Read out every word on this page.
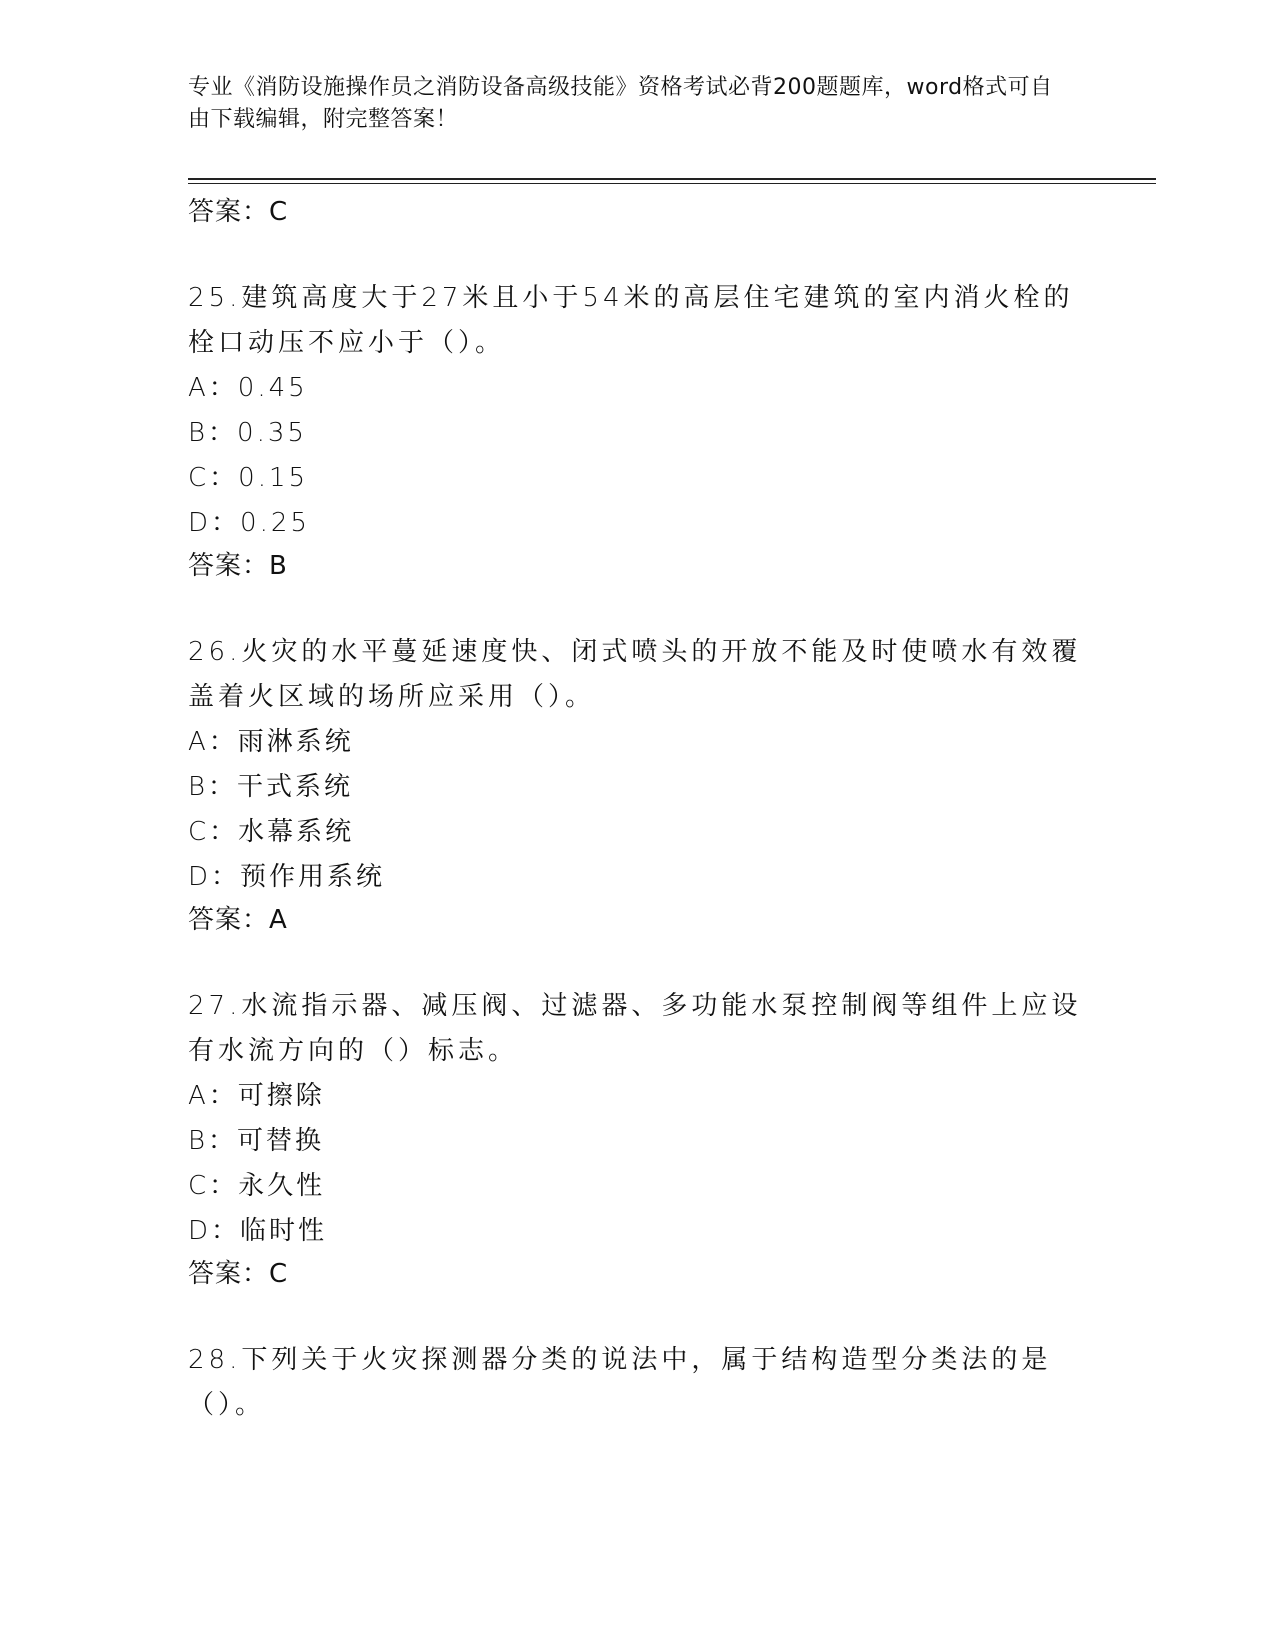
专业《消防设施操作员之消防设备高级技能》资格考试必背200题题库，word格式可自由下载编辑，附完整答案！

答案：C

25.建筑高度大于27米且小于54米的高层住宅建筑的室内消火栓的栓口动压不应小于（）。

A：0.45

B：0.35

C：0.15

D：0.25

答案：B

26.火灾的水平蔓延速度快、闭式喷头的开放不能及时使喷水有效覆盖着火区域的场所应采用（）。

A：雨淋系统

B：干式系统

C：水幕系统

D：预作用系统

答案：A

27.水流指示器、减压阀、过滤器、多功能水泵控制阀等组件上应设有水流方向的（）标志。

A：可擦除

B：可替换

C：永久性

D：临时性

答案：C

28.下列关于火灾探测器分类的说法中，属于结构造型分类法的是（）。
